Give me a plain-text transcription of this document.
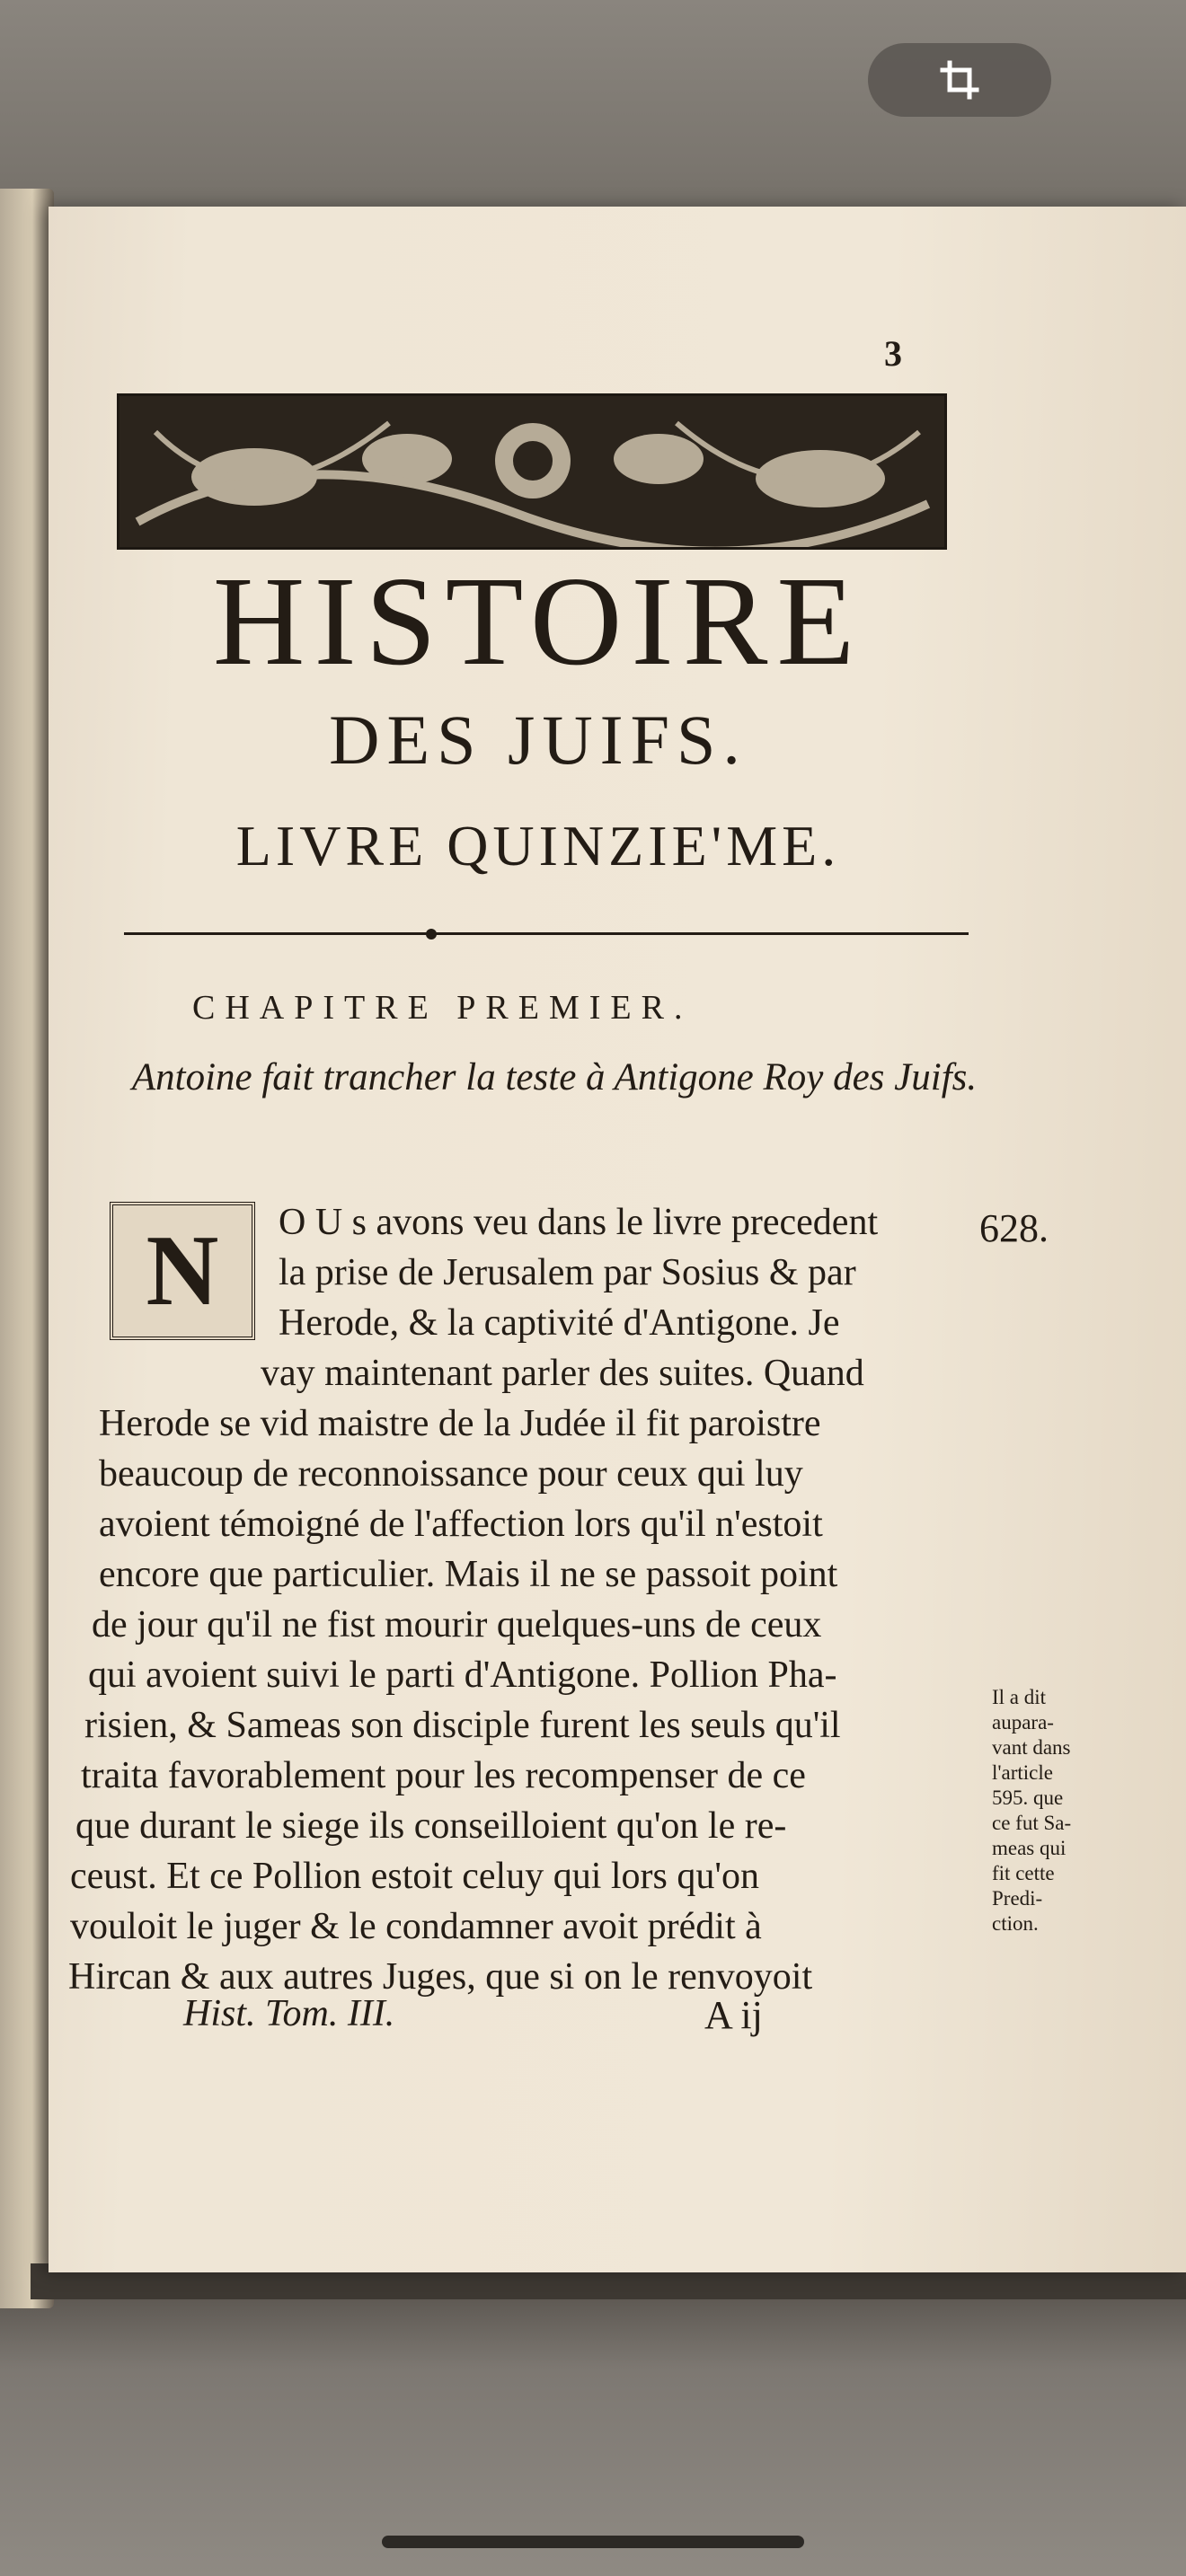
3
HISTOIRE
DES JUIFS.
LIVRE QUINZIE'ME.
CHAPITRE PREMIER.
Antoine fait trancher la teste à Antigone Roy des Juifs.
N	O U s avons veu dans le livre precedent
la prise de Jerusalem par Sosius & par
Herode, & la captivité d'Antigone. Je
vay maintenant parler des suites. Quand
Herode se vid maistre de la Judée il fit paroistre
beaucoup de reconnoissance pour ceux qui luy
avoient témoigné de l'affection lors qu'il n'estoit
encore que particulier. Mais il ne se passoit point
de jour qu'il ne fist mourir quelques-uns de ceux
qui avoient suivi le parti d'Antigone. Pollion Pha-
risien, & Sameas son disciple furent les seuls qu'il
traita favorablement pour les recompenser de ce
que durant le siege ils conseilloient qu'on le re-
ceust. Et ce Pollion estoit celuy qui lors qu'on
vouloit le juger & le condamner avoit prédit à
Hircan & aux autres Juges, que si on le renvoyoit
628.
Il a dit
aupara-
vant dans
l'article
595. que
ce fut Sa-
meas qui
fit cette
Predi-
ction.
Hist. Tom. III.	A ij
